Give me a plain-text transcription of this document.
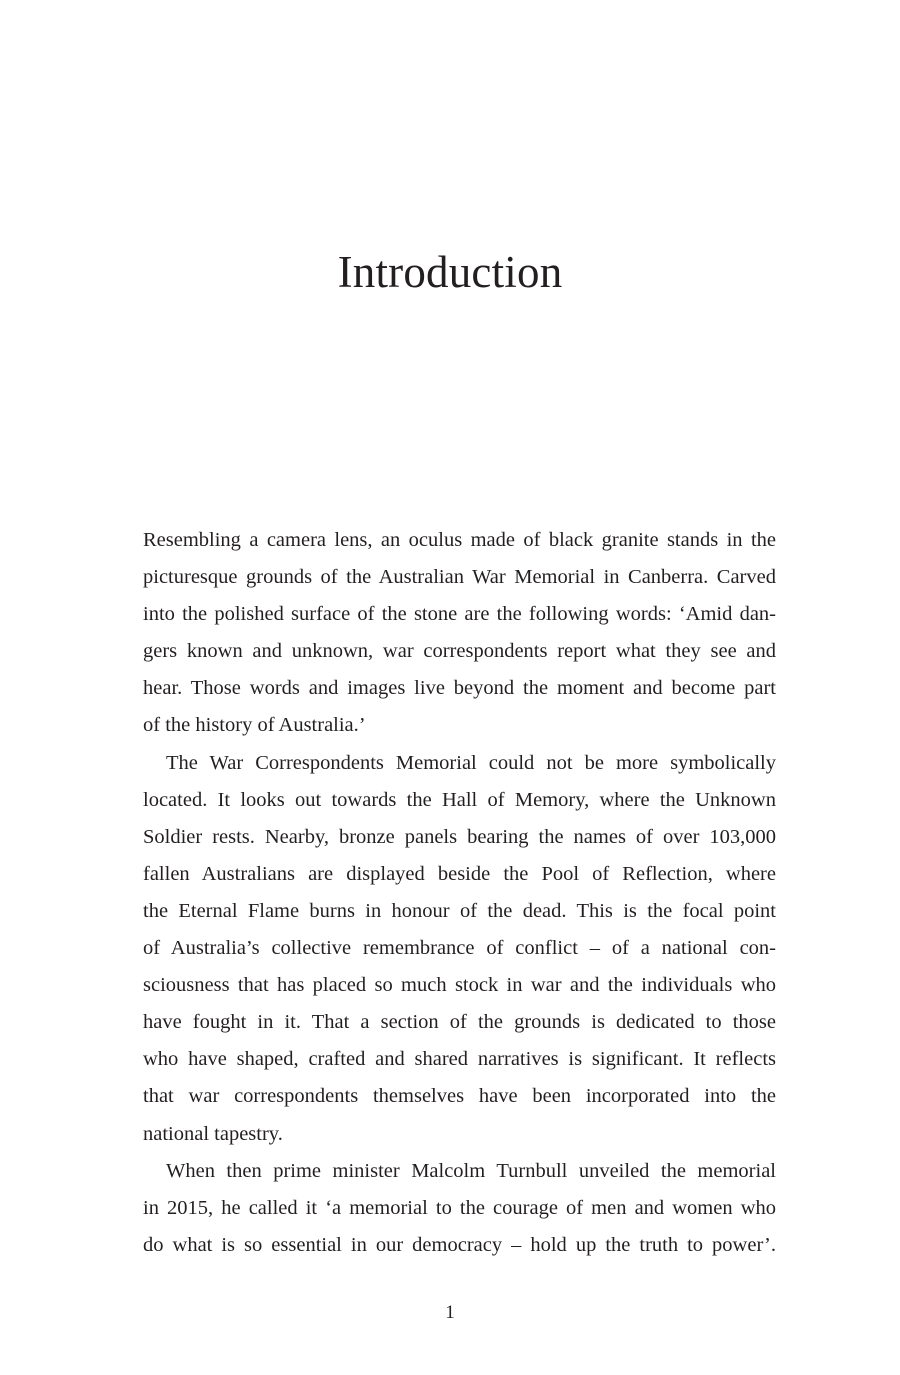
Introduction
Resembling a camera lens, an oculus made of black granite stands in the
picturesque grounds of the Australian War Memorial in Canberra. Carved
into the polished surface of the stone are the following words: ‘Amid dan-
gers known and unknown, war correspondents report what they see and
hear. Those words and images live beyond the moment and become part
of the history of Australia.’
The War Correspondents Memorial could not be more symbolically
located. It looks out towards the Hall of Memory, where the Unknown
Soldier rests. Nearby, bronze panels bearing the names of over 103,000
fallen Australians are displayed beside the Pool of Reflection, where
the Eternal Flame burns in honour of the dead. This is the focal point
of Australia’s collective remembrance of conflict – of a national con-
sciousness that has placed so much stock in war and the individuals who
have fought in it. That a section of the grounds is dedicated to those
who have shaped, crafted and shared narratives is significant. It reflects
that war correspondents themselves have been incorporated into the
national tapestry.
When then prime minister Malcolm Turnbull unveiled the memorial
in 2015, he called it ‘a memorial to the courage of men and women who
do what is so essential in our democracy – hold up the truth to power’.
1
